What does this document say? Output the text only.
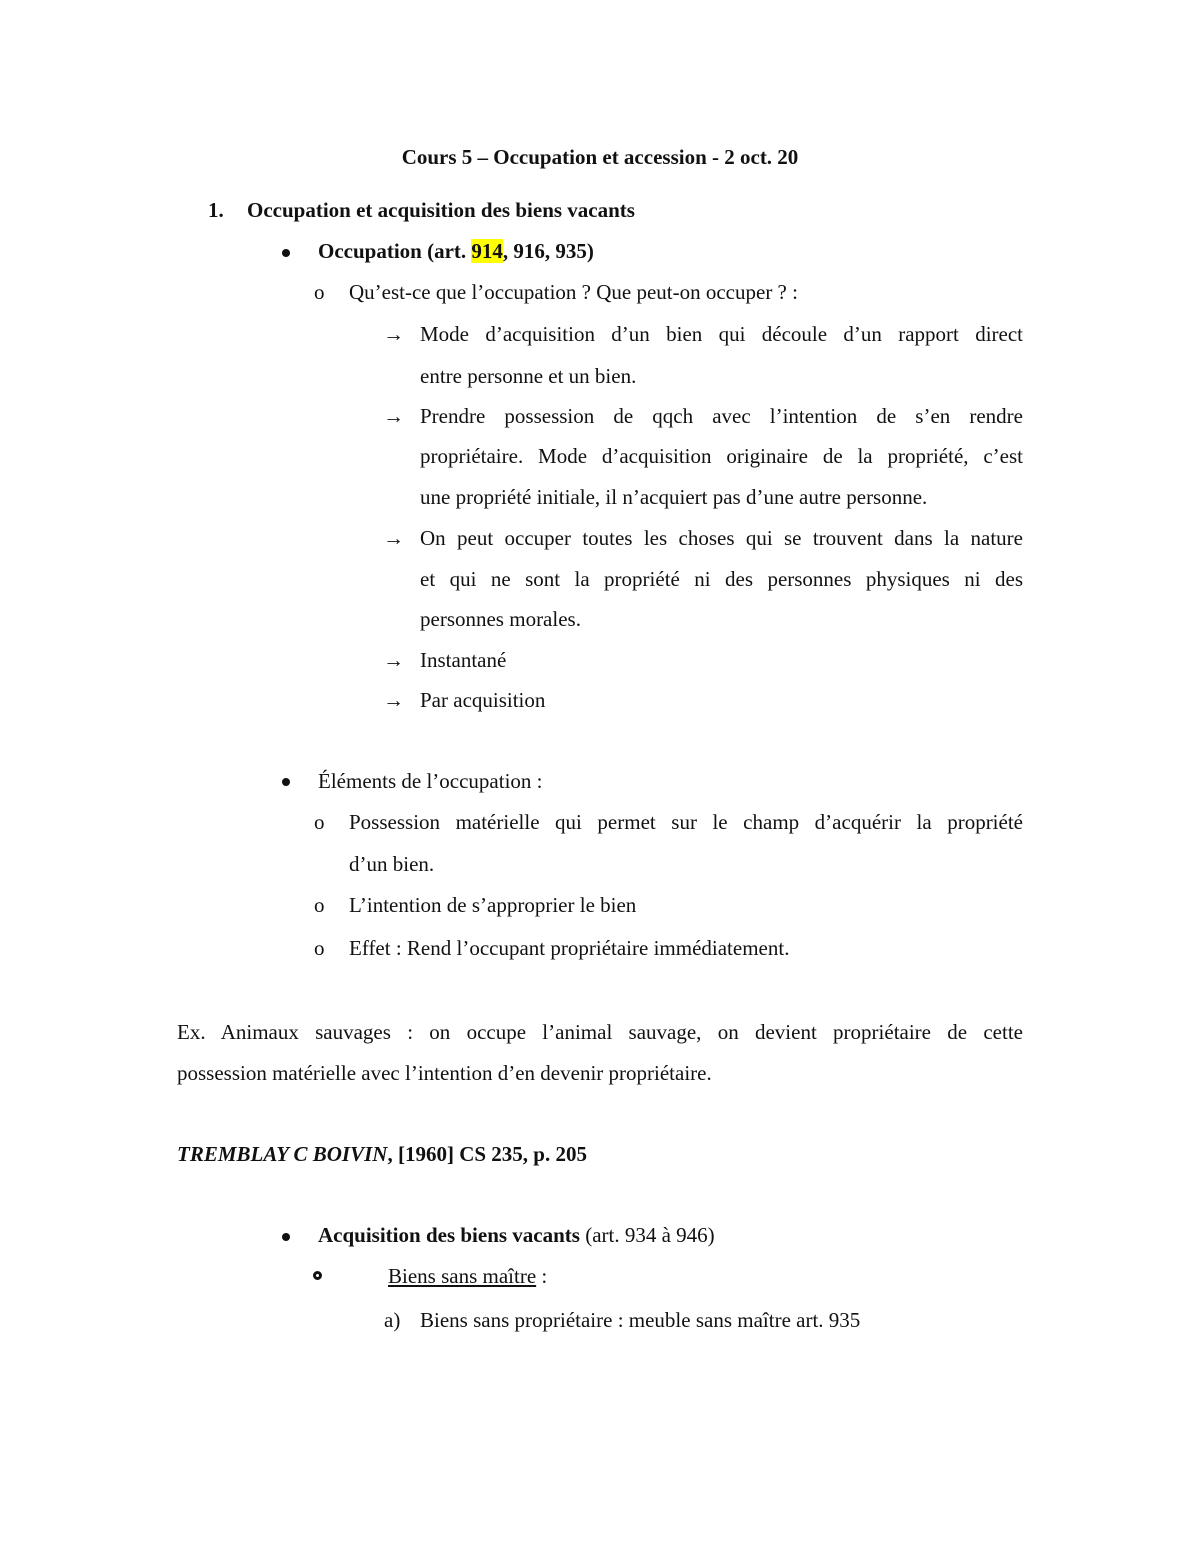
Cours 5 – Occupation et accession - 2 oct. 20
1. Occupation et acquisition des biens vacants
Occupation (art. 914, 916, 935)
o Qu’est-ce que l’occupation ? Que peut-on occuper ? :
→ Mode d’acquisition d’un bien qui découle d’un rapport direct
entre personne et un bien.
→ Prendre possession de qqch avec l’intention de s’en rendre
propriétaire. Mode d’acquisition originaire de la propriété, c’est
une propriété initiale, il n’acquiert pas d’une autre personne.
→ On peut occuper toutes les choses qui se trouvent dans la nature
et qui ne sont la propriété ni des personnes physiques ni des
personnes morales.
→ Instantané
→ Par acquisition
Éléments de l’occupation :
o Possession matérielle qui permet sur le champ d’acquérir la propriété
d’un bien.
o L’intention de s’approprier le bien
o Effet : Rend l’occupant propriétaire immédiatement.
Ex. Animaux sauvages : on occupe l’animal sauvage, on devient propriétaire de cette
possession matérielle avec l’intention d’en devenir propriétaire.
TREMBLAY C BOIVIN, [1960] CS 235, p. 205
Acquisition des biens vacants (art. 934 à 946)
Biens sans maître :
a) Biens sans propriétaire : meuble sans maître art. 935
